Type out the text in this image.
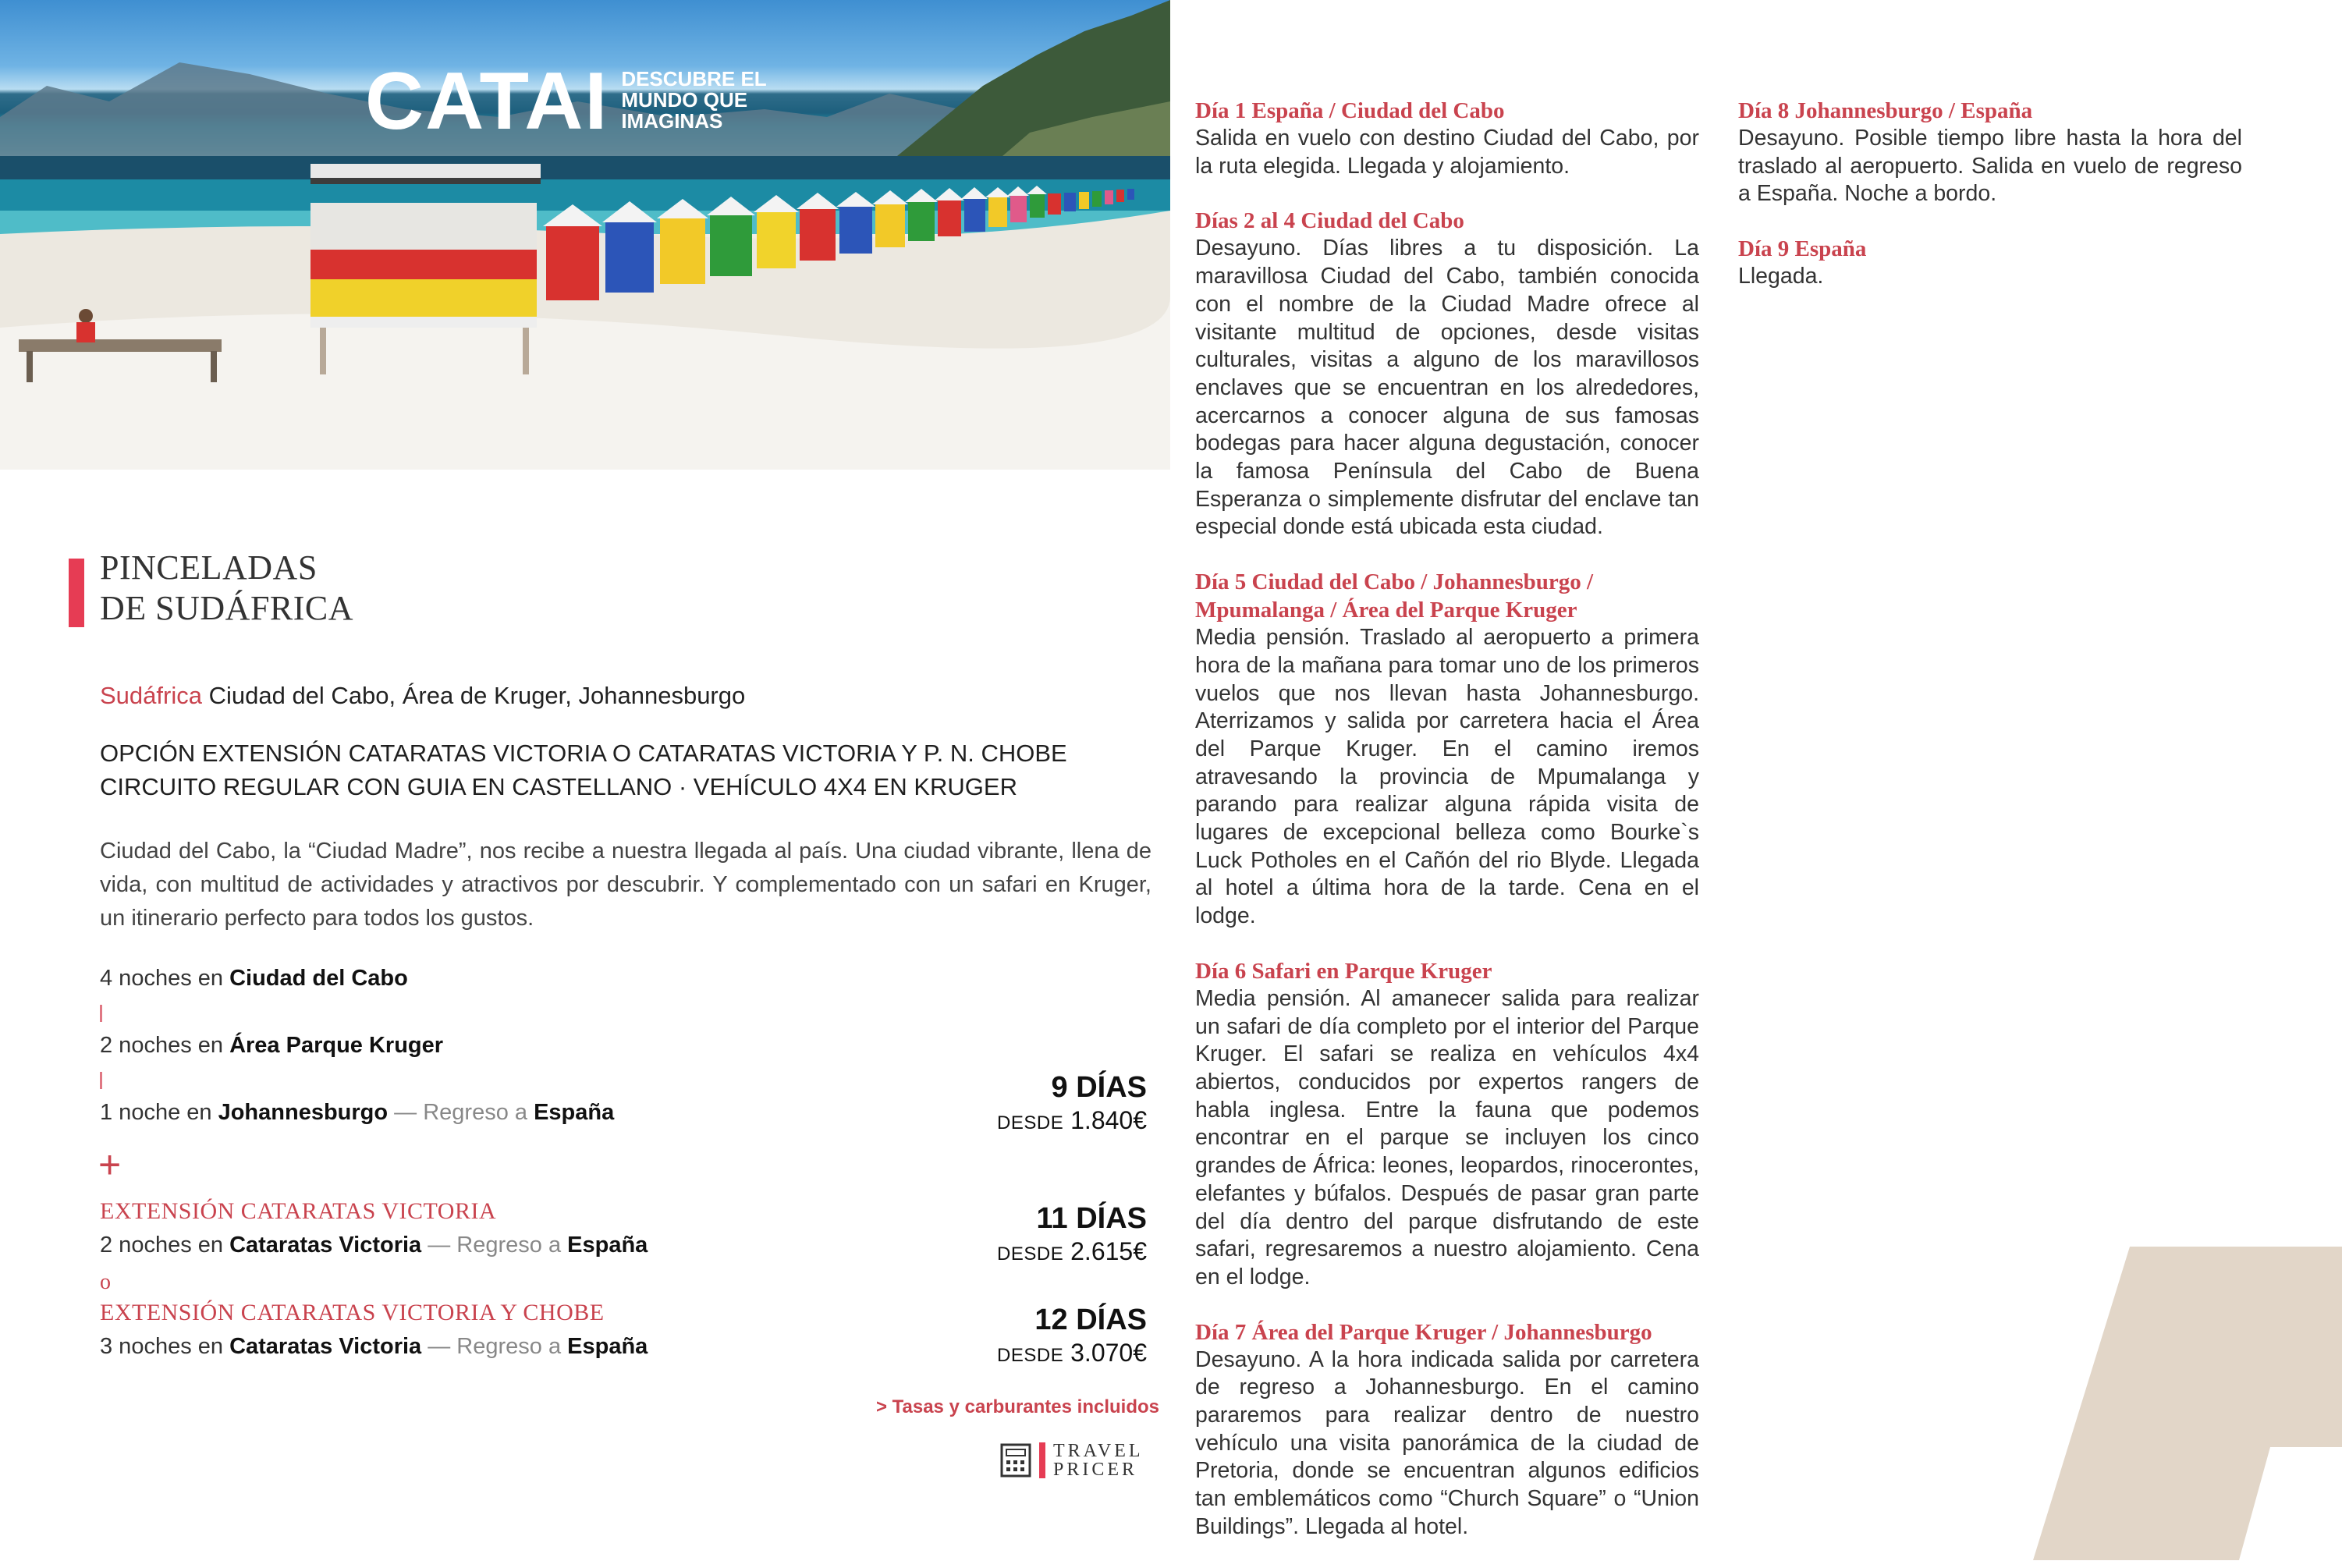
CATAI DESCUBRE EL MUNDO QUE IMAGINAS
PINCELADAS
DE SUDÁFRICA
Sudáfrica Ciudad del Cabo, Área de Kruger, Johannesburgo
OPCIÓN EXTENSIÓN CATARATAS VICTORIA O CATARATAS VICTORIA Y P. N. CHOBE
CIRCUITO REGULAR CON GUIA EN CASTELLANO · VEHÍCULO 4X4 EN KRUGER
Ciudad del Cabo, la “Ciudad Madre”, nos recibe a nuestra llegada al país. Una ciudad vibrante, llena de vida, con multitud de actividades y atractivos por descubrir. Y complementado con un safari en Kruger, un itinerario perfecto para todos los gustos.
4 noches en Ciudad del Cabo
2 noches en Área Parque Kruger
1 noche en Johannesburgo — Regreso a España
+
EXTENSIÓN CATARATAS VICTORIA
2 noches en Cataratas Victoria — Regreso a España
o
EXTENSIÓN CATARATAS VICTORIA Y CHOBE
3 noches en Cataratas Victoria — Regreso a España
9 DÍAS
DESDE 1.840€
11 DÍAS
DESDE 2.615€
12 DÍAS
DESDE 3.070€
> Tasas y carburantes incluidos
TRAVEL
PRICER
Día 1 España / Ciudad del Cabo
Salida en vuelo con destino Ciudad del Cabo, por la ruta elegida. Llegada y alojamiento.
Días 2 al 4 Ciudad del Cabo
Desayuno. Días libres a tu disposición. La maravillosa Ciudad del Cabo, también conocida con el nombre de la Ciudad Madre ofrece al visitante multitud de opciones, desde visitas culturales, visitas a alguno de los maravillosos enclaves que se encuentran en los alrededores, acercarnos a conocer alguna de sus famosas bodegas para hacer alguna degustación, conocer la famosa Península del Cabo de Buena Esperanza o simplemente disfrutar del enclave tan especial donde está ubicada esta ciudad.
Día 5 Ciudad del Cabo / Johannesburgo / Mpumalanga / Área del Parque Kruger
Media pensión. Traslado al aeropuerto a primera hora de la mañana para tomar uno de los primeros vuelos que nos llevan hasta Johannesburgo. Aterrizamos y salida por carretera hacia el Área del Parque Kruger. En el camino iremos atravesando la provincia de Mpumalanga y parando para realizar alguna rápida visita de lugares de excepcional belleza como Bourke`s Luck Potholes en el Cañón del rio Blyde. Llegada al hotel a última hora de la tarde. Cena en el lodge.
Día 6 Safari en Parque Kruger
Media pensión. Al amanecer salida para realizar un safari de día completo por el interior del Parque Kruger. El safari se realiza en vehículos 4x4 abiertos, conducidos por expertos rangers de habla inglesa. Entre la fauna que podemos encontrar en el parque se incluyen los cinco grandes de África: leones, leopardos, rinocerontes, elefantes y búfalos. Después de pasar gran parte del día dentro del parque disfrutando de este safari, regresaremos a nuestro alojamiento. Cena en el lodge.
Día 7 Área del Parque Kruger / Johannesburgo
Desayuno. A la hora indicada salida por carretera de regreso a Johannesburgo. En el camino pararemos para realizar dentro de nuestro vehículo una visita panorámica de la ciudad de Pretoria, donde se encuentran algunos edificios tan emblemáticos como “Church Square” o “Union Buildings”. Llegada al hotel.
Día 8 Johannesburgo / España
Desayuno. Posible tiempo libre hasta la hora del traslado al aeropuerto. Salida en vuelo de regreso a España. Noche a bordo.
Día 9 España
Llegada.
